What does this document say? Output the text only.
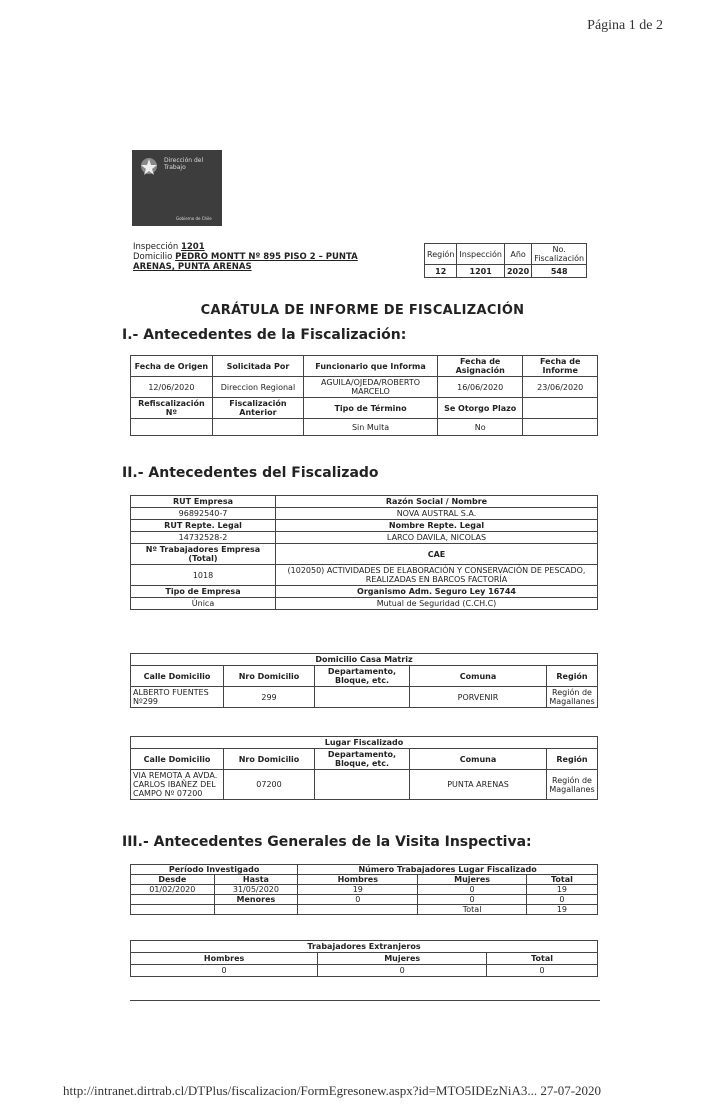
Página 1 de 2
Dirección del
Trabajo
Gobierno de Chile
Inspección 1201
Domicilio PEDRO MONTT Nº 895 PISO 2 – PUNTA
ARENAS, PUNTA ARENAS
Región	Inspección	Año	No. Fiscalización
12	1201	2020	548
CARÁTULA DE INFORME DE FISCALIZACIÓN
I.- Antecedentes de la Fiscalización:
Fecha de Origen	Solicitada Por	Funcionario que Informa	Fecha de Asignación	Fecha de Informe
12/06/2020	Direccion Regional	AGUILA/OJEDA/ROBERTO MARCELO	16/06/2020	23/06/2020
Refiscalización Nº	Fiscalización Anterior	Tipo de Término	Se Otorgo Plazo	
		Sin Multa	No	
II.- Antecedentes del Fiscalizado
RUT Empresa	Razón Social / Nombre
96892540-7	NOVA AUSTRAL S.A.
RUT Repte. Legal	Nombre Repte. Legal
14732528-2	LARCO DAVILA, NICOLAS
Nº Trabajadores Empresa (Total)	CAE
1018	(102050) ACTIVIDADES DE ELABORACIÓN Y CONSERVACIÓN DE PESCADO, REALIZADAS EN BARCOS FACTORÍA
Tipo de Empresa	Organismo Adm. Seguro Ley 16744
Única	Mutual de Seguridad (C.CH.C)
Domicilio Casa Matriz				
Calle Domicilio	Nro Domicilio	Departamento, Bloque, etc.	Comuna	Región
ALBERTO FUENTES Nº299	299		PORVENIR	Región de Magallanes
Lugar Fiscalizado				
Calle Domicilio	Nro Domicilio	Departamento, Bloque, etc.	Comuna	Región
VIA REMOTA A AVDA. CARLOS IBAÑEZ DEL CAMPO Nº 07200	07200		PUNTA ARENAS	Región de Magallanes
III.- Antecedentes Generales de la Visita Inspectiva:
Período Investigado		Número Trabajadores Lugar Fiscalizado		
Desde	Hasta	Hombres	Mujeres	Total
01/02/2020	31/05/2020	19	0	19
	Menores	0	0	0
			Total	19
Trabajadores Extranjeros		
Hombres	Mujeres	Total
0	0	0
http://intranet.dirtrab.cl/DTPlus/fiscalizacion/FormEgresonew.aspx?id=MTO5IDEzNiA3... 27-07-2020
